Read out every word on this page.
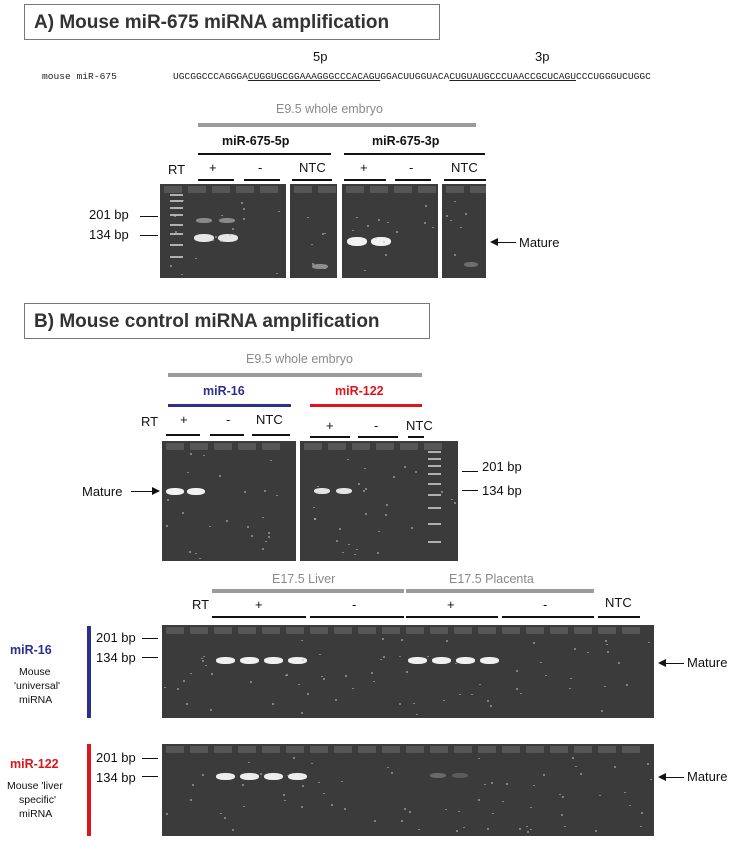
A) Mouse miR-675 miRNA amplification
5p	3p
mouse miR-675	UGCGGCCCAGGGACUGGUGCGGAAAGGGCCCACAGUGGACUUGGUACACUGUAUGCCCUAACCGCUCAGUCCCUGGGUCUGGC
E9.5 whole embryo
miR-675-5p	miR-675-3p
RT +	-	NTC	+	-	NTC
201 bp
134 bp
Mature
B) Mouse control miRNA amplification
E9.5 whole embryo
miR-16	miR-122
RT +	- NTC	+	- NTC
Mature
201 bp
134 bp
E17.5 Liver	E17.5 Placenta
RT	+	-	+	-	NTC
miR-16
Mouse
'universal'
miRNA
201 bp
134 bp	Mature
miR-122
Mouse 'liver
specific'
miRNA
201 bp
134 bp	Mature
